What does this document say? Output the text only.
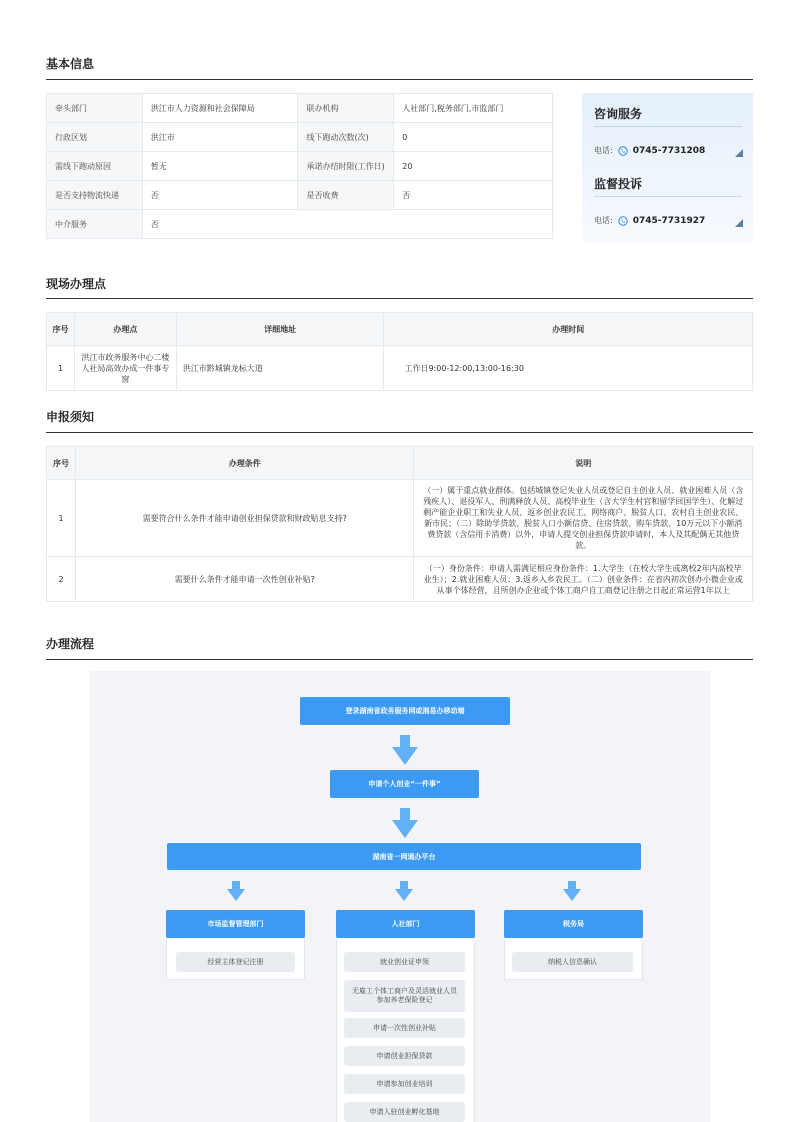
基本信息
牵头部门	洪江市人力资源和社会保障局	联办机构	人社部门,税务部门,市监部门
行政区划	洪江市	线下跑动次数(次)	0
需线下跑动原因	暂无	承诺办结时限(工作日)	20
是否支持物流快递	否	是否收费	否
中介服务	否		
咨询服务
电话: 0745-7731208
监督投诉
电话: 0745-7731927
现场办理点
序号	办理点	详细地址	办理时间
1	洪江市政务服务中心二楼人社局高效办成一件事专窗	洪江市黔城镇龙标大道	工作日9:00-12:00,13:00-16:30
申报须知
序号	办理条件	说明
1	需要符合什么条件才能申请创业担保贷款和财政贴息支持?	（一）属于重点就业群体。包括城镇登记失业人员或登记自主创业人员、就业困难人员（含残疾人）、退役军人、刑满释放人员、高校毕业生（含大学生村官和留学回国学生）、化解过剩产能企业职工和失业人员、返乡创业农民工、网络商户、脱贫人口、农村自主创业农民、新市民；（二）除助学贷款、脱贫人口小额信贷、住房贷款、购车贷款、10万元以下小额消费贷款（含信用卡消费）以外，申请人提交创业担保贷款申请时，本人及其配偶无其他贷款。

2	需要什么条件才能申请一次性创业补贴?	（一）身份条件：申请人需满足相应身份条件：1.大学生（在校大学生或离校2年内高校毕业生）；2.就业困难人员；3.返乡入乡农民工。（二）创业条件：在省内初次创办小微企业或从事个体经营，且所创办企业或个体工商户自工商登记注册之日起正常运营1年以上
办理流程
登录湖南省政务服务网或湘易办移动端
申请个人创业“一件事”
湖南省一网通办平台
市场监督管理部门
经营主体登记注册
人社部门
就业创业证申领
无雇工个体工商户及灵活就业人员参加养老保险登记
申请一次性创业补贴
申请创业担保贷款
申请参加创业培训
申请入驻创业孵化基地
税务局
纳税人信息确认
